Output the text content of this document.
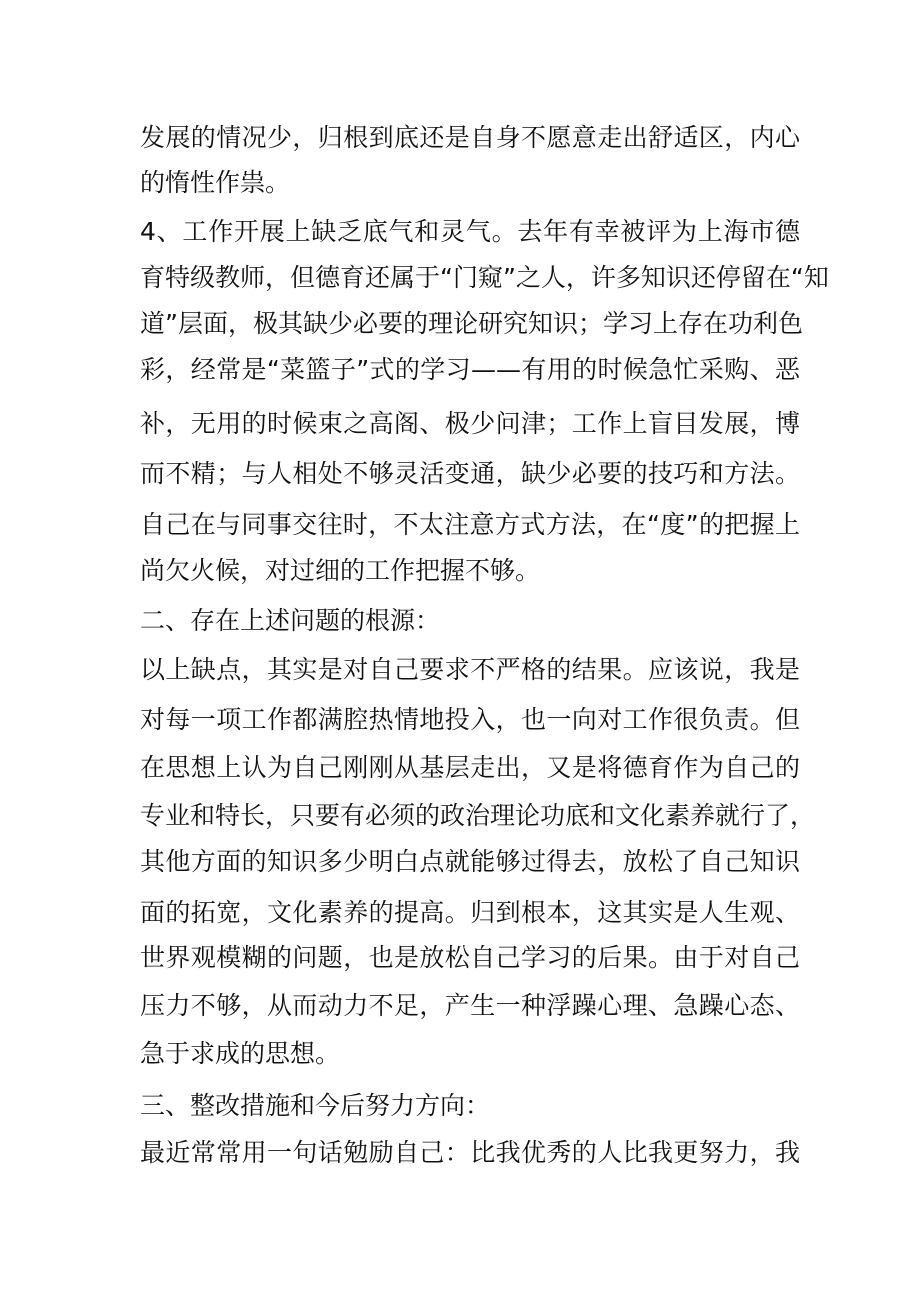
发展的情况少，归根到底还是自身不愿意走出舒适区，内心
的惰性作祟。
4、工作开展上缺乏底气和灵气。去年有幸被评为上海市德
育特级教师，但德育还属于“门窥”之人，许多知识还停留在“知
道”层面，极其缺少必要的理论研究知识；学习上存在功利色
彩，经常是“菜篮子”式的学习——有用的时候急忙采购、恶
补，无用的时候束之高阁、极少问津；工作上盲目发展，博
而不精；与人相处不够灵活变通，缺少必要的技巧和方法。
自己在与同事交往时，不太注意方式方法，在“度”的把握上
尚欠火候，对过细的工作把握不够。
二、存在上述问题的根源：
以上缺点，其实是对自己要求不严格的结果。应该说，我是
对每一项工作都满腔热情地投入，也一向对工作很负责。但
在思想上认为自己刚刚从基层走出，又是将德育作为自己的
专业和特长，只要有必须的政治理论功底和文化素养就行了，
其他方面的知识多少明白点就能够过得去，放松了自己知识
面的拓宽，文化素养的提高。归到根本，这其实是人生观、
世界观模糊的问题，也是放松自己学习的后果。由于对自己
压力不够，从而动力不足，产生一种浮躁心理、急躁心态、
急于求成的思想。
三、整改措施和今后努力方向：
最近常常用一句话勉励自己：比我优秀的人比我更努力，我
